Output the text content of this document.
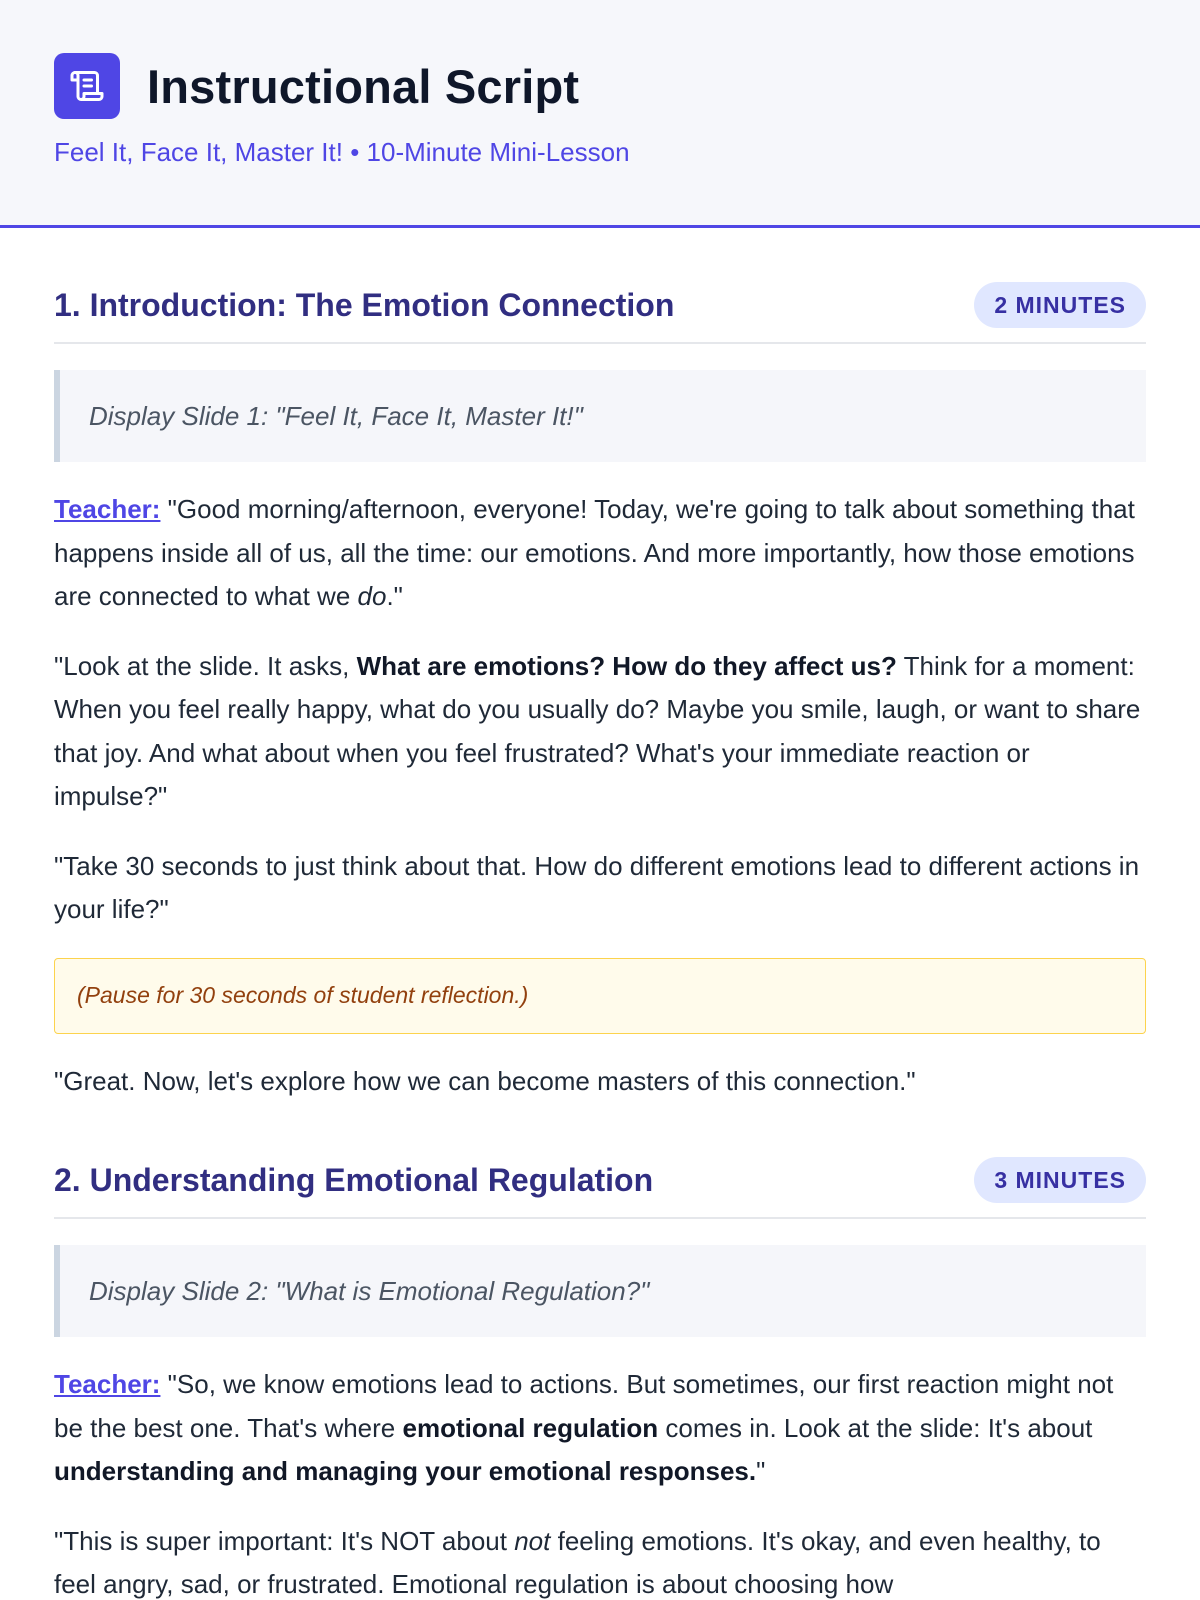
Instructional Script
Feel It, Face It, Master It! • 10-Minute Mini-Lesson
1. Introduction: The Emotion Connection	2 MINUTES
Display Slide 1: "Feel It, Face It, Master It!"

Teacher: "Good morning/afternoon, everyone! Today, we're going to talk about something that happens inside all of us, all the time: our emotions. And more importantly, how those emotions are connected to what we do."

"Look at the slide. It asks, What are emotions? How do they affect us? Think for a moment: When you feel really happy, what do you usually do? Maybe you smile, laugh, or want to share that joy. And what about when you feel frustrated? What's your immediate reaction or impulse?"

"Take 30 seconds to just think about that. How do different emotions lead to different actions in your life?"

(Pause for 30 seconds of student reflection.)

"Great. Now, let's explore how we can become masters of this connection."

2. Understanding Emotional Regulation	3 MINUTES
Display Slide 2: "What is Emotional Regulation?"

Teacher: "So, we know emotions lead to actions. But sometimes, our first reaction might not be the best one. That's where emotional regulation comes in. Look at the slide: It's about understanding and managing your emotional responses."

"This is super important: It's NOT about not feeling emotions. It's okay, and even healthy, to feel angry, sad, or frustrated. Emotional regulation is about choosing how
